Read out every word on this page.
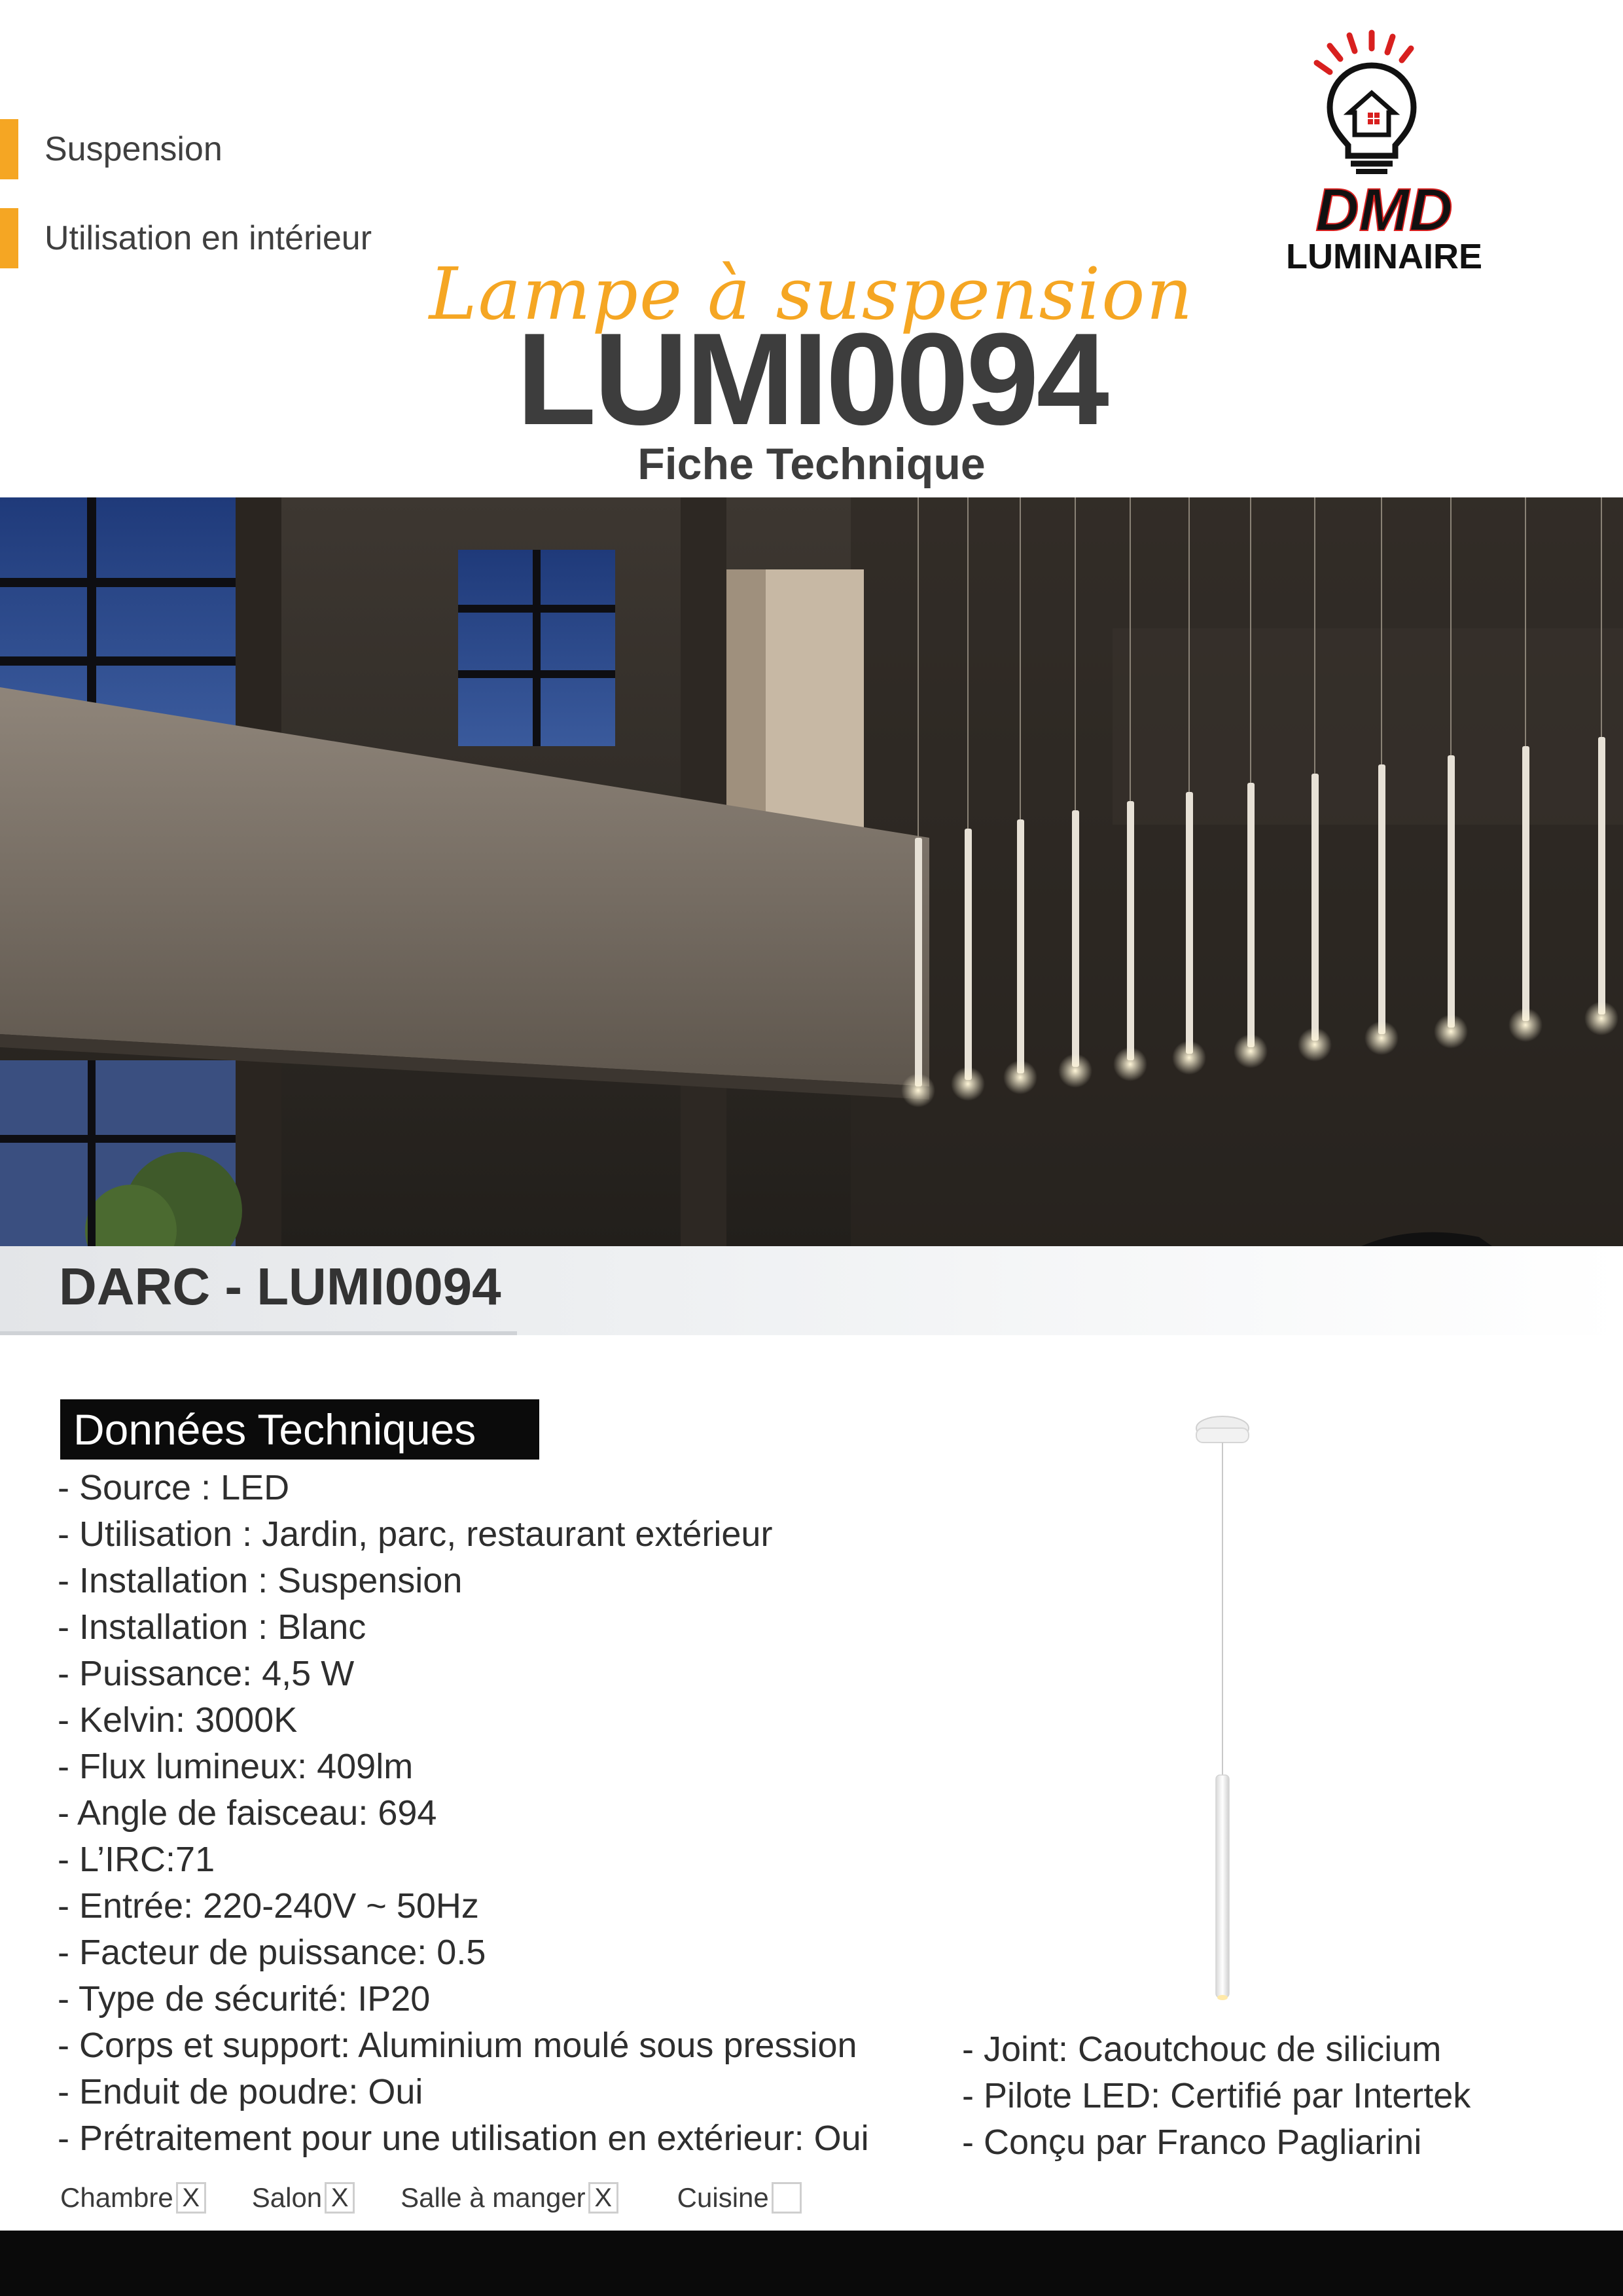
Suspension
Utilisation en intérieur	DMD
LUMINAIRE
Lampe à suspension
LUMI0094
Fiche Technique
DARC - LUMI0094
Données Techniques
- Source : LED
- Utilisation : Jardin, parc, restaurant extérieur
- Installation : Suspension
- Installation : Blanc
- Puissance: 4,5 W
- Kelvin: 3000K
- Flux lumineux: 409lm
- Angle de faisceau: 694
- L’IRC:71
- Entrée: 220-240V ~ 50Hz
- Facteur de puissance: 0.5
- Type de sécurité: IP20
- Corps et support: Aluminium moulé sous pression
- Enduit de poudre: Oui
- Prétraitement pour une utilisation en extérieur: Oui
- Joint: Caoutchouc de silicium
- Pilote LED: Certifié par Intertek
- Conçu par Franco Pagliarini
Chambre X Salon X Salle à manger X Cuisine
